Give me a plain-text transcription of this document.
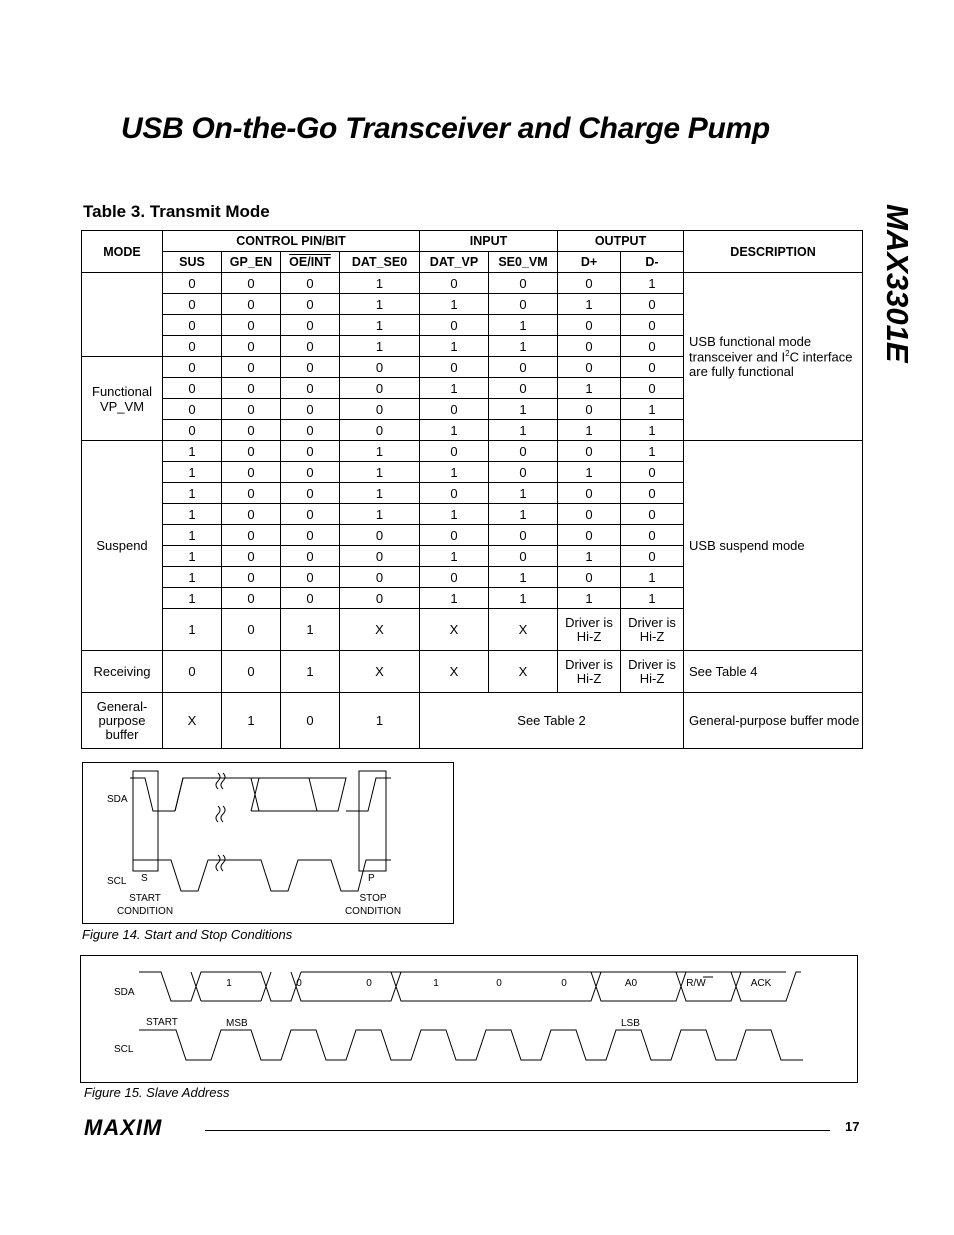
USB On-the-Go Transceiver and Charge Pump
MAX3301E
Table 3. Transmit Mode
MODE	CONTROL PIN/BIT				INPUT		OUTPUT		DESCRIPTION
	SUS	GP_EN	OE/INT	DAT_SE0	DAT_VP	SE0_VM	D+	D-	
	0	0	0	1	0	0	0	1	USB functional mode transceiver and $I^2C$ interface are fully functional
	0	0	0	1	1	0	1	0	
	0	0	0	1	0	1	0	0	
	0	0	0	1	1	1	0	0	
Functional VP_VM	0	0	0	0	0	0	0	0	
	0	0	0	0	1	0	1	0	
	0	0	0	0	0	1	0	1	
	0	0	0	0	1	1	1	1	
Suspend	1	0	0	1	0	0	0	1	USB suspend mode
	1	0	0	1	1	0	1	0	
	1	0	0	1	0	1	0	0	
	1	0	0	1	1	1	0	0	
	1	0	0	0	0	0	0	0	
	1	0	0	0	1	0	1	0	
	1	0	0	0	0	1	0	1	
	1	0	0	0	1	1	1	1	
	1	0	1	X	X	X	Driver is Hi-Z	Driver is Hi-Z	
Receiving	0	0	1	X	X	X	Driver is Hi-Z	Driver is Hi-Z	See Table 4
General-purpose buffer	X	1	0	1	See Table 2				General-purpose buffer mode
SDA
SCL S	P
START
CONDITION
STOP
CONDITION
Figure 14. Start and Stop Conditions
SDA
SCL
1	0	0	1	0	0	A0	R/W	ACK
START	MSB	LSB
Figure 15. Slave Address
MAXIM	17
